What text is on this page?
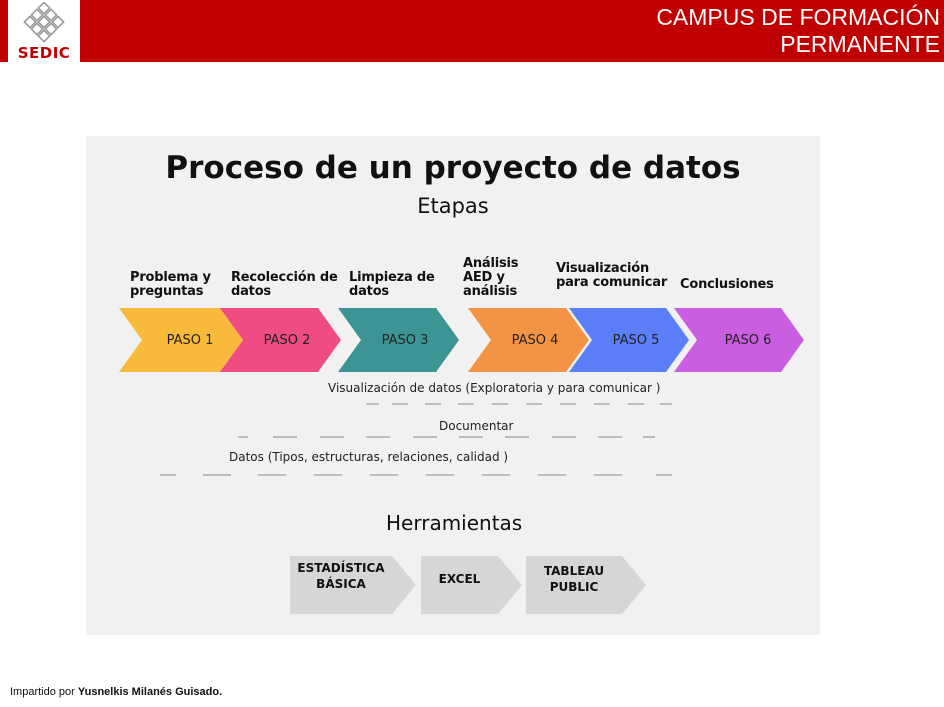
SEDIC
CAMPUS DE FORMACIÓN
PERMANENTE
Proceso de un proyecto de datos
Etapas
Problema y
preguntas
Recolección de
datos
Limpieza de
datos
Análisis
AED y
análisis
Visualización
para comunicar Conclusiones
PASO 1	PASO 2	PASO 3	PASO 4	PASO 5	PASO 6
Visualización de datos (Exploratoria y para comunicar )
Documentar
Datos (Tipos, estructuras, relaciones, calidad )
Herramientas
ESTADÍSTICA
BÁSICA	EXCEL
TABLEAU
PUBLIC
Impartido por Yusnelkis Milanés Guisado.
